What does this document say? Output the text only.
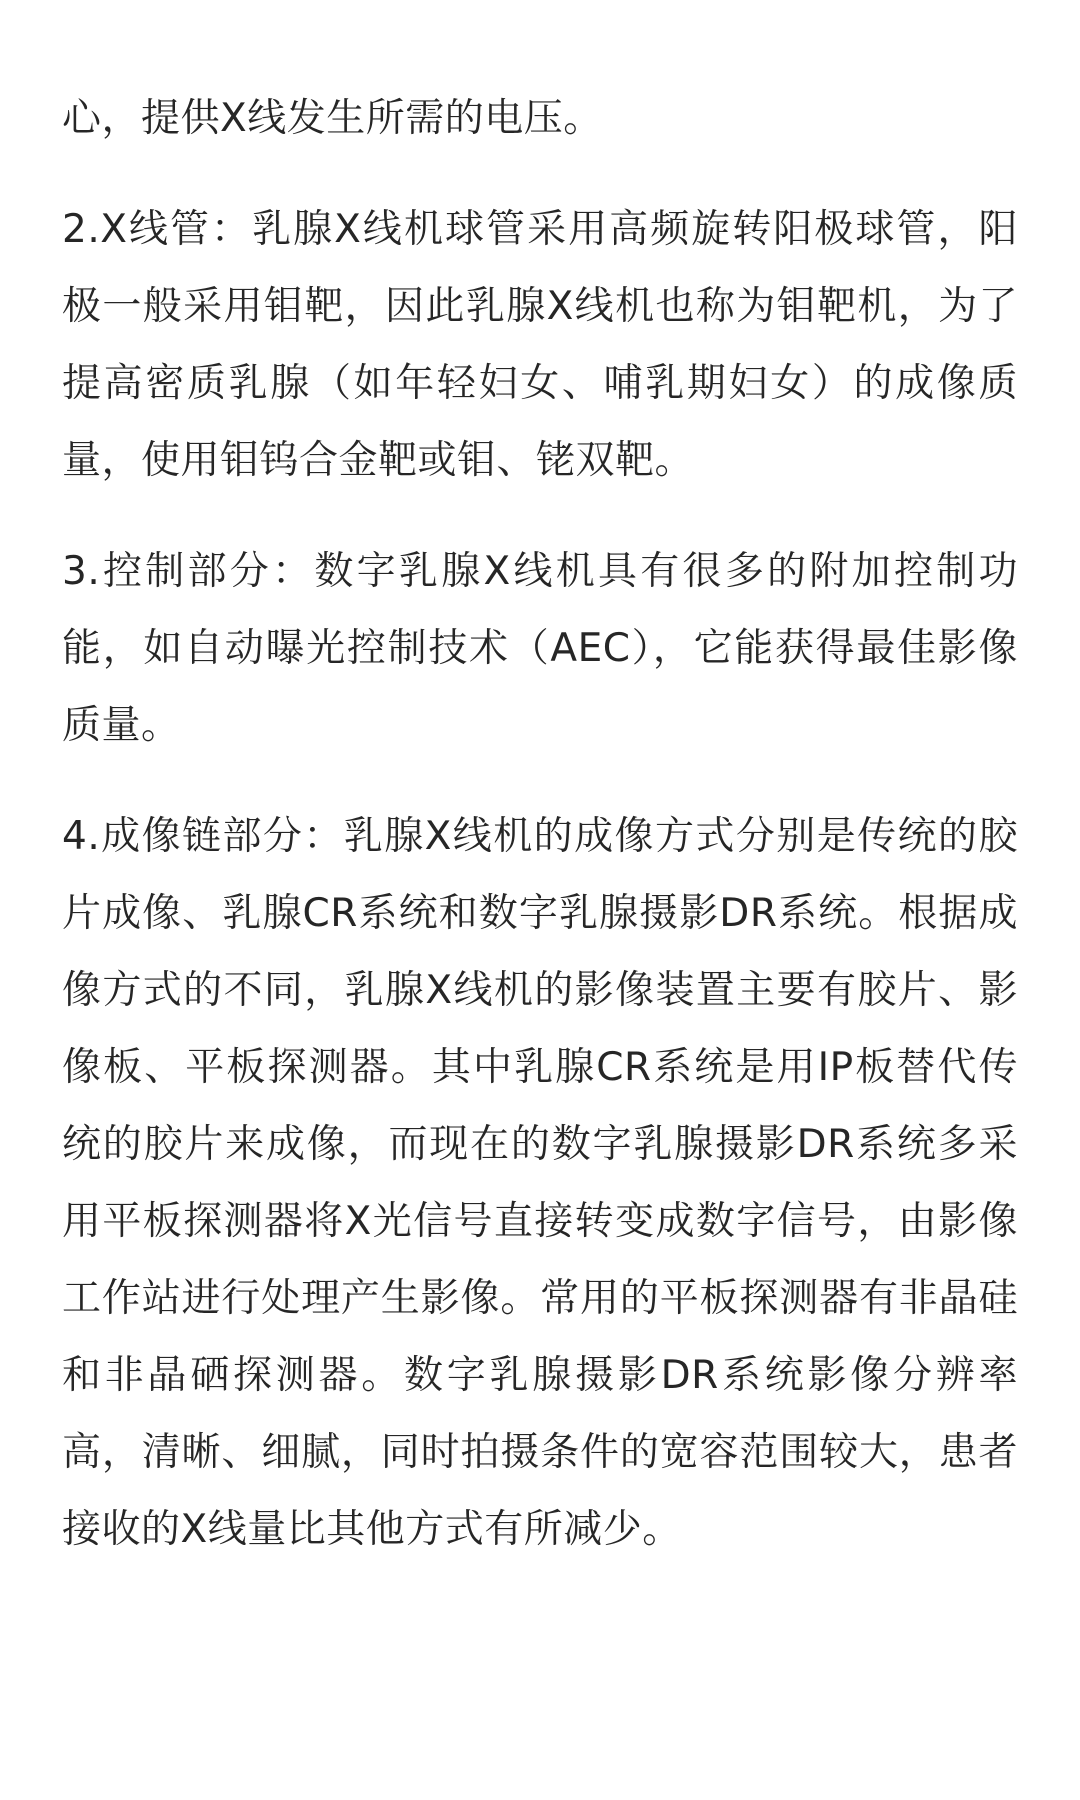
心，提供X线发生所需的电压。

2.X线管：乳腺X线机球管采用高频旋转阳极球管，阳极一般采用钼靶，因此乳腺X线机也称为钼靶机，为了提高密质乳腺（如年轻妇女、哺乳期妇女）的成像质量，使用钼钨合金靶或钼、铑双靶。

3.控制部分：数字乳腺X线机具有很多的附加控制功能，如自动曝光控制技术（AEC），它能获得最佳影像质量。

4.成像链部分：乳腺X线机的成像方式分别是传统的胶片成像、乳腺CR系统和数字乳腺摄影DR系统。根据成像方式的不同，乳腺X线机的影像装置主要有胶片、影像板、平板探测器。其中乳腺CR系统是用IP板替代传统的胶片来成像，而现在的数字乳腺摄影DR系统多采用平板探测器将X光信号直接转变成数字信号，由影像工作站进行处理产生影像。常用的平板探测器有非晶硅和非晶硒探测器。数字乳腺摄影DR系统影像分辨率高，清晰、细腻，同时拍摄条件的宽容范围较大，患者接收的X线量比其他方式有所减少。
